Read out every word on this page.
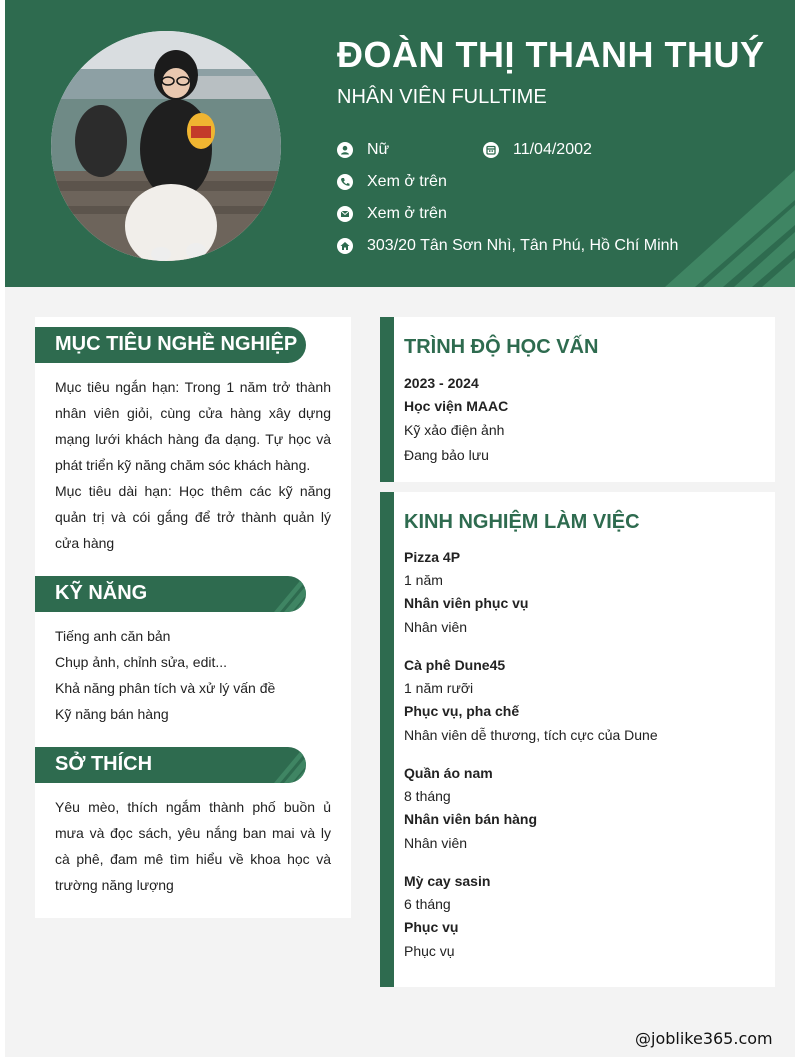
ĐOÀN THỊ THANH THUÝ
NHÂN VIÊN FULLTIME
Nữ	11/04/2002
Xem ở trên
Xem ở trên
303/20 Tân Sơn Nhì, Tân Phú, Hồ Chí Minh
MỤC TIÊU NGHỀ NGHIỆP
Mục tiêu ngắn hạn: Trong 1 năm trở thành nhân viên giỏi, cùng cửa hàng xây dựng mạng lưới khách hàng đa dạng. Tự học và phát triển kỹ năng chăm sóc khách hàng.
Mục tiêu dài hạn: Học thêm các kỹ năng quản trị và cói gắng để trở thành quản lý cửa hàng
KỸ NĂNG
Tiếng anh căn bản
Chụp ảnh, chỉnh sửa, edit...
Khả năng phân tích và xử lý vấn đề
Kỹ năng bán hàng
SỞ THÍCH
Yêu mèo, thích ngắm thành phố buồn ủ mưa và đọc sách, yêu nắng ban mai và ly cà phê, đam mê tìm hiểu về khoa học và trường năng lượng
TRÌNH ĐỘ HỌC VẤN
2023 - 2024
Học viện MAAC
Kỹ xảo điện ảnh
Đang bảo lưu
KINH NGHIỆM LÀM VIỆC
Pizza 4P
1 năm
Nhân viên phục vụ
Nhân viên
Cà phê Dune45
1 năm rưỡi
Phục vụ, pha chế
Nhân viên dễ thương, tích cực của Dune
Quần áo nam
8 tháng
Nhân viên bán hàng
Nhân viên
Mỳ cay sasin
6 tháng
Phục vụ
Phục vụ
@joblike365.com
